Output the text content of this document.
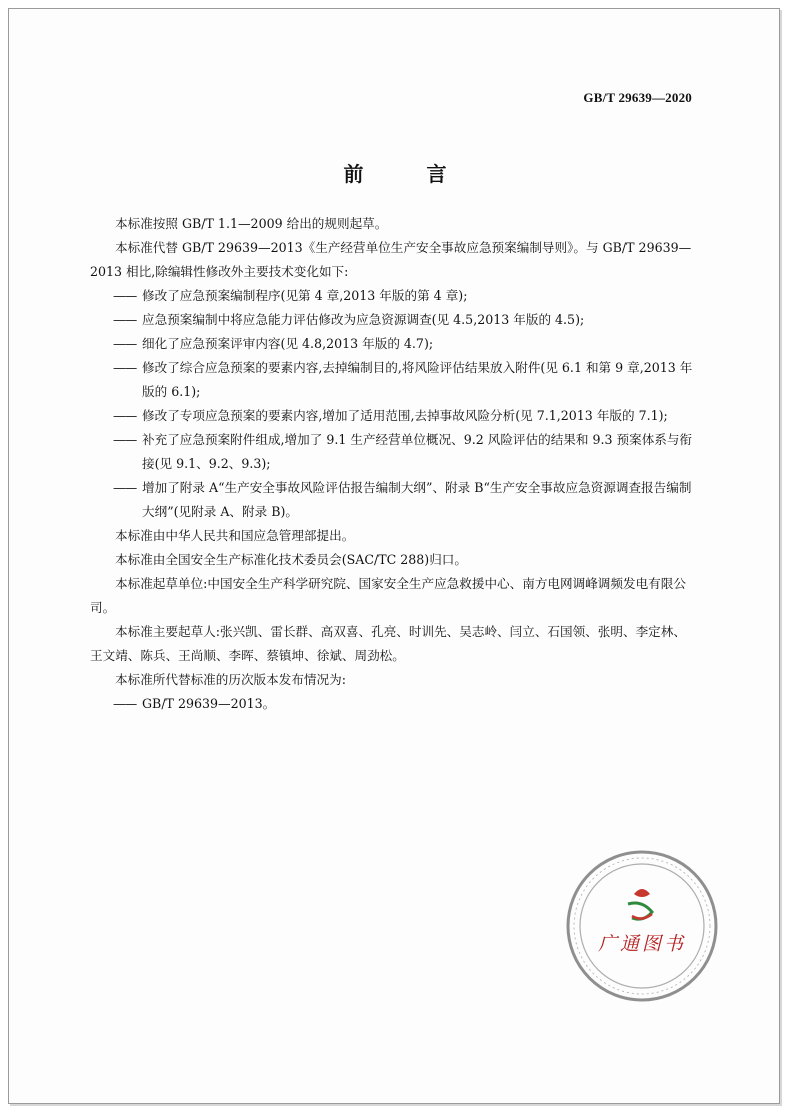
GB/T 29639—2020
前 言
本标准按照 GB/T 1.1—2009 给出的规则起草。
本标准代替 GB/T 29639—2013《生产经营单位生产安全事故应急预案编制导则》。与 GB/T 29639—2013 相比,除编辑性修改外主要技术变化如下:
—— 修改了应急预案编制程序(见第 4 章,2013 年版的第 4 章);
—— 应急预案编制中将应急能力评估修改为应急资源调查(见 4.5,2013 年版的 4.5);
—— 细化了应急预案评审内容(见 4.8,2013 年版的 4.7);
—— 修改了综合应急预案的要素内容,去掉编制目的,将风险评估结果放入附件(见 6.1 和第 9 章,2013 年版的 6.1);
—— 修改了专项应急预案的要素内容,增加了适用范围,去掉事故风险分析(见 7.1,2013 年版的 7.1);
—— 补充了应急预案附件组成,增加了 9.1 生产经营单位概况、9.2 风险评估的结果和 9.3 预案体系与衔接(见 9.1、9.2、9.3);
—— 增加了附录 A“生产安全事故风险评估报告编制大纲”、附录 B“生产安全事故应急资源调查报告编制大纲”(见附录 A、附录 B)。
本标准由中华人民共和国应急管理部提出。
本标准由全国安全生产标准化技术委员会(SAC/TC 288)归口。
本标准起草单位:中国安全生产科学研究院、国家安全生产应急救援中心、南方电网调峰调频发电有限公司。
本标准主要起草人:张兴凯、雷长群、高双喜、孔亮、时训先、吴志岭、闫立、石国领、张明、李定林、王文靖、陈兵、王尚顺、李晖、蔡镇坤、徐斌、周劲松。
本标准所代替标准的历次版本发布情况为:
—— GB/T 29639—2013。
广通图书
